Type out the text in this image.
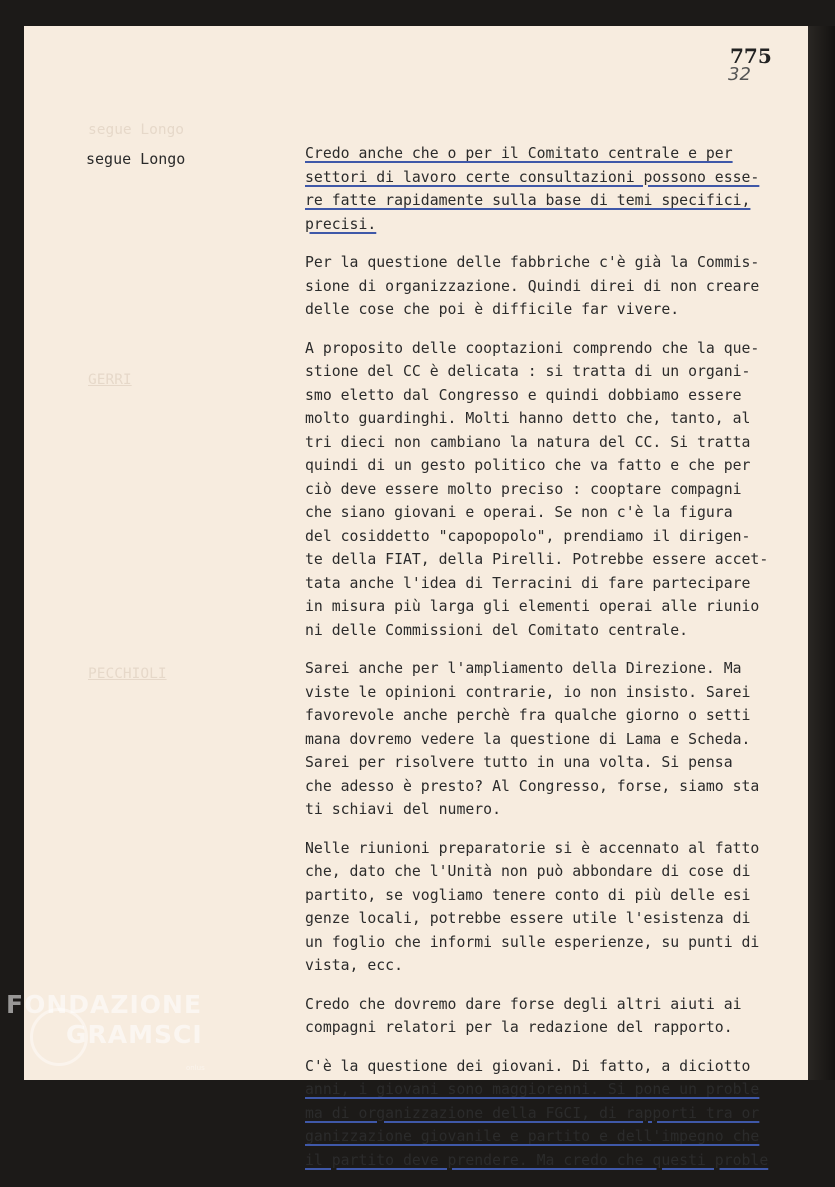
segue Longo
GERRI
PECCHIOLI
775
32
segue Longo	Credo anche che o per il Comitato centrale e per
settori di lavoro certe consultazioni possono esse-
re fatte rapidamente sulla base di temi specifici,
precisi.
Per la questione delle fabbriche c'è già la Commis-
sione di organizzazione. Quindi direi di non creare
delle cose che poi è difficile far vivere.
A proposito delle cooptazioni comprendo che la que-
stione del CC è delicata : si tratta di un organi-
smo eletto dal Congresso e quindi dobbiamo essere
molto guardinghi. Molti hanno detto che, tanto, al
tri dieci non cambiano la natura del CC. Si tratta
quindi di un gesto politico che va fatto e che per
ciò deve essere molto preciso : cooptare compagni
che siano giovani e operai. Se non c'è la figura
del cosiddetto "capopopolo", prendiamo il dirigen-
te della FIAT, della Pirelli. Potrebbe essere accet-
tata anche l'idea di Terracini di fare partecipare
in misura più larga gli elementi operai alle riunio
ni delle Commissioni del Comitato centrale.
Sarei anche per l'ampliamento della Direzione. Ma
viste le opinioni contrarie, io non insisto. Sarei
favorevole anche perchè fra qualche giorno o setti
mana dovremo vedere la questione di Lama e Scheda.
Sarei per risolvere tutto in una volta. Si pensa
che adesso è presto? Al Congresso, forse, siamo sta
ti schiavi del numero.
Nelle riunioni preparatorie si è accennato al fatto
che, dato che l'Unità non può abbondare di cose di
partito, se vogliamo tenere conto di più delle esi
genze locali, potrebbe essere utile l'esistenza di
un foglio che informi sulle esperienze, su punti di
vista, ecc.
Credo che dovremo dare forse degli altri aiuti ai
compagni relatori per la redazione del rapporto.
C'è la questione dei giovani. Di fatto, a diciotto
anni, i giovani sono maggiorenni. Si pone un proble
ma di organizzazione della FGCI, di rapporti tra or
ganizzazione giovanile e partito e dell'impegno che
il partito deve prendere. Ma credo che questi proble
FONDAZIONE
GRAMSCI
onlus
